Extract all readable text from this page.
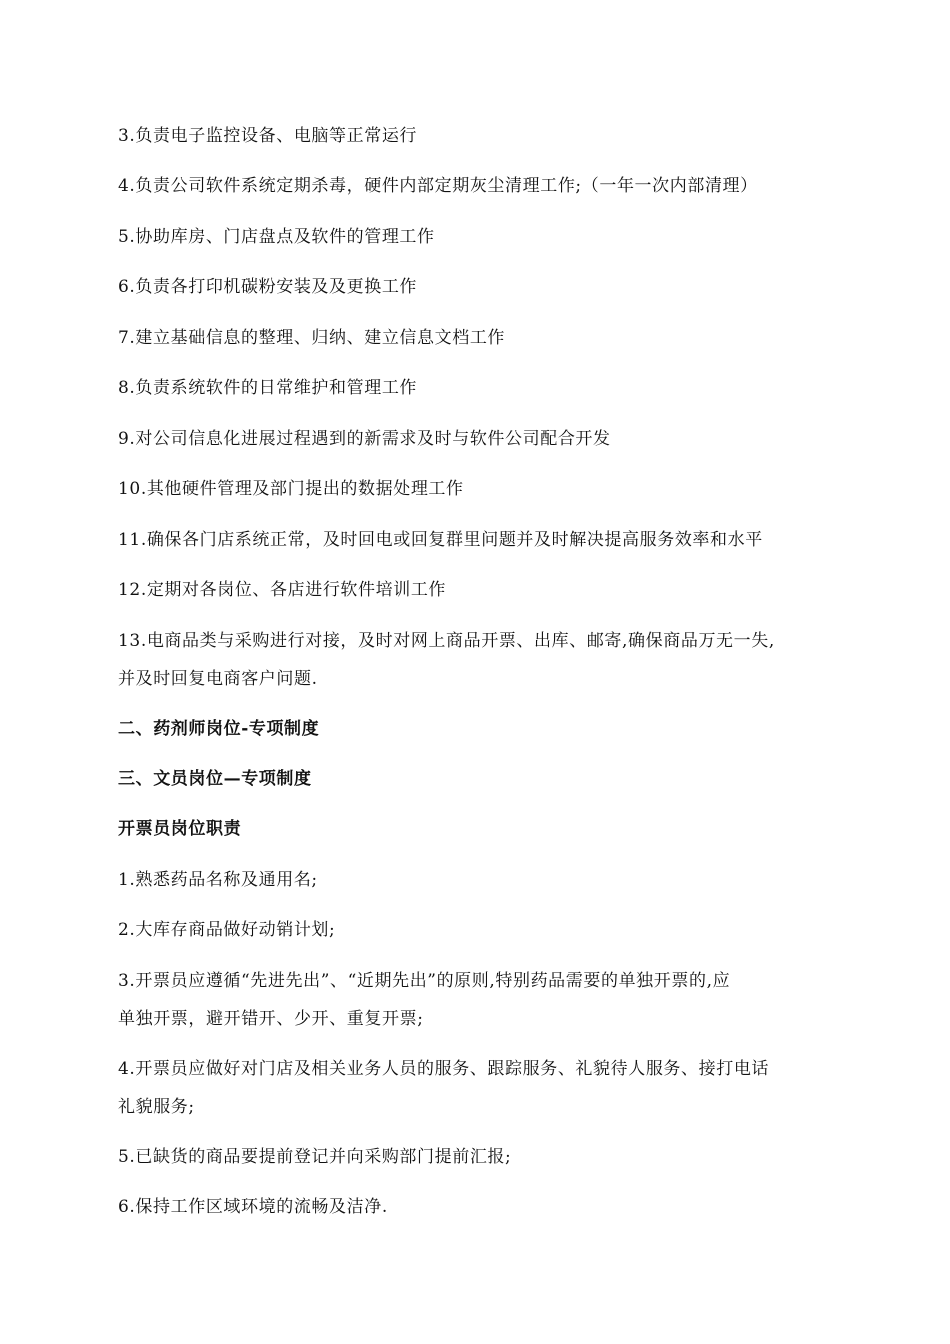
3.负责电子监控设备、电脑等正常运行
4.负责公司软件系统定期杀毒，硬件内部定期灰尘清理工作;（一年一次内部清理）
5.协助库房、门店盘点及软件的管理工作
6.负责各打印机碳粉安装及及更换工作
7.建立基础信息的整理、归纳、建立信息文档工作
8.负责系统软件的日常维护和管理工作
9.对公司信息化进展过程遇到的新需求及时与软件公司配合开发
10.其他硬件管理及部门提出的数据处理工作
11.确保各门店系统正常，及时回电或回复群里问题并及时解决提高服务效率和水平
12.定期对各岗位、各店进行软件培训工作
13.电商品类与采购进行对接，及时对网上商品开票、出库、邮寄,确保商品万无一失,
并及时回复电商客户问题.
二、药剂师岗位-专项制度
三、文员岗位—专项制度
开票员岗位职责
1.熟悉药品名称及通用名;
2.大库存商品做好动销计划;
3.开票员应遵循“先进先出”、“近期先出”的原则,特别药品需要的单独开票的,应
单独开票，避开错开、少开、重复开票;
4.开票员应做好对门店及相关业务人员的服务、跟踪服务、礼貌待人服务、接打电话
礼貌服务;
5.已缺货的商品要提前登记并向采购部门提前汇报;
6.保持工作区域环境的流畅及洁净.
